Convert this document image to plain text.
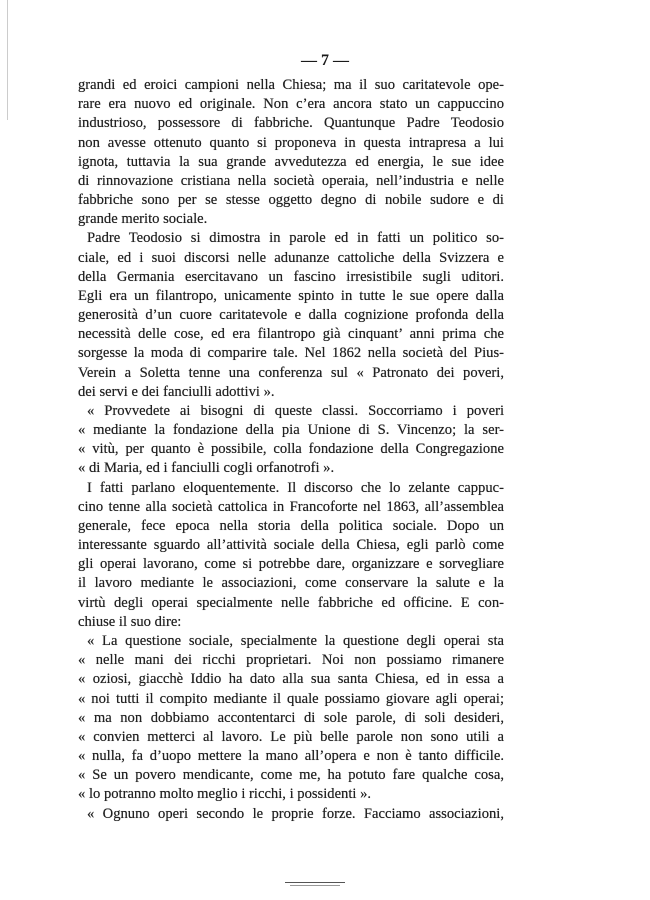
— 7 —
grandi ed eroici campioni nella Chiesa; ma il suo caritatevole ope-
rare era nuovo ed originale. Non c’era ancora stato un cappuccino
industrioso, possessore di fabbriche. Quantunque Padre Teodosio
non avesse ottenuto quanto si proponeva in questa intrapresa a lui
ignota, tuttavia la sua grande avvedutezza ed energia, le sue idee
di rinnovazione cristiana nella società operaia, nell’industria e nelle
fabbriche sono per se stesse oggetto degno di nobile sudore e di
grande merito sociale.
Padre Teodosio si dimostra in parole ed in fatti un politico so-
ciale, ed i suoi discorsi nelle adunanze cattoliche della Svizzera e
della Germania esercitavano un fascino irresistibile sugli uditori.
Egli era un filantropo, unicamente spinto in tutte le sue opere dalla
generosità d’un cuore caritatevole e dalla cognizione profonda della
necessità delle cose, ed era filantropo già cinquant’ anni prima che
sorgesse la moda di comparire tale. Nel 1862 nella società del Pius-
Verein a Soletta tenne una conferenza sul « Patronato dei poveri,
dei servi e dei fanciulli adottivi ».
« Provvedete ai bisogni di queste classi. Soccorriamo i poveri
« mediante la fondazione della pia Unione di S. Vincenzo; la ser-
« vitù, per quanto è possibile, colla fondazione della Congregazione
« di Maria, ed i fanciulli cogli orfanotrofi ».
I fatti parlano eloquentemente. Il discorso che lo zelante cappuc-
cino tenne alla società cattolica in Francoforte nel 1863, all’assemblea
generale, fece epoca nella storia della politica sociale. Dopo un
interessante sguardo all’attività sociale della Chiesa, egli parlò come
gli operai lavorano, come si potrebbe dare, organizzare e sorvegliare
il lavoro mediante le associazioni, come conservare la salute e la
virtù degli operai specialmente nelle fabbriche ed officine. E con-
chiuse il suo dire:
« La questione sociale, specialmente la questione degli operai sta
« nelle mani dei ricchi proprietari. Noi non possiamo rimanere
« oziosi, giacchè Iddio ha dato alla sua santa Chiesa, ed in essa a
« noi tutti il compito mediante il quale possiamo giovare agli operai;
« ma non dobbiamo accontentarci di sole parole, di soli desideri,
« convien metterci al lavoro. Le più belle parole non sono utili a
« nulla, fa d’uopo mettere la mano all’opera e non è tanto difficile.
« Se un povero mendicante, come me, ha potuto fare qualche cosa,
« lo potranno molto meglio i ricchi, i possidenti ».
« Ognuno operi secondo le proprie forze. Facciamo associazioni,
